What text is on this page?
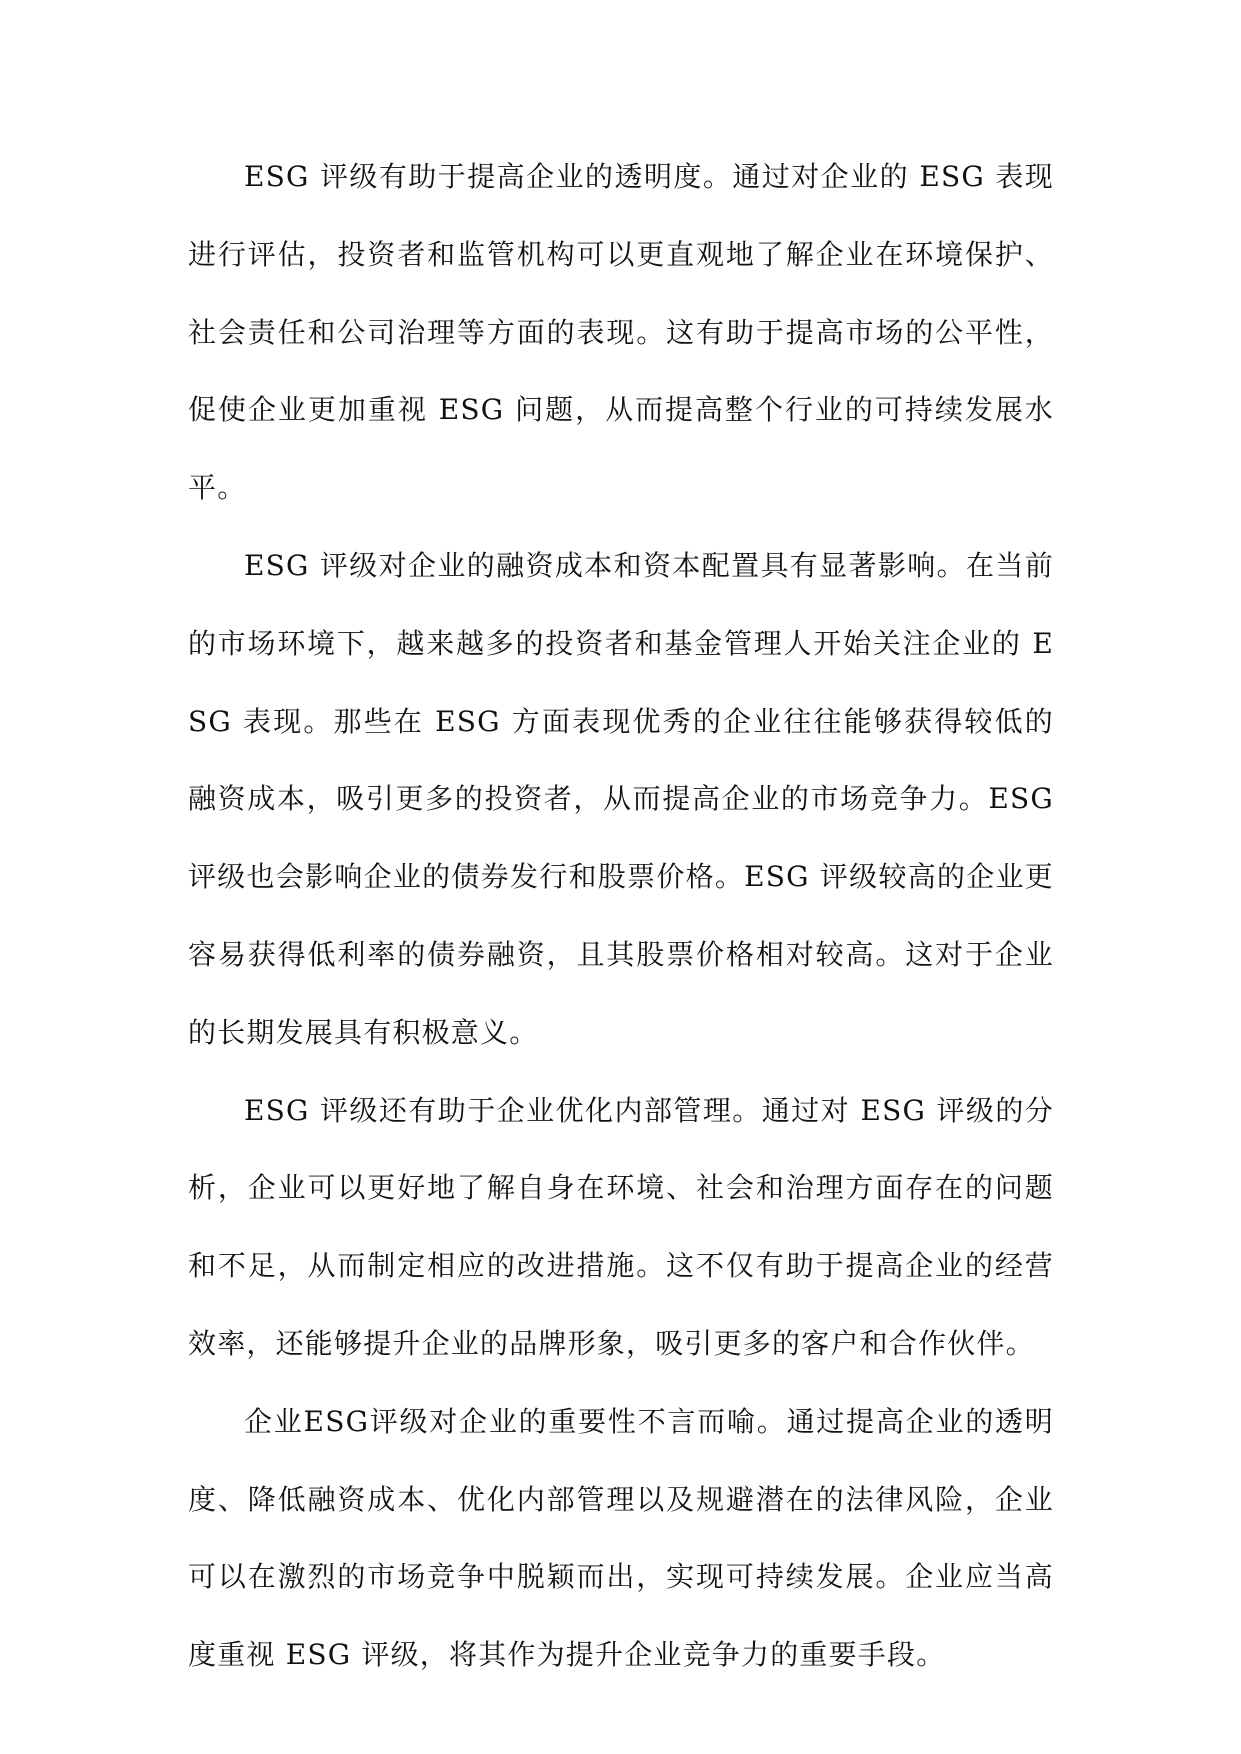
ESG 评级有助于提高企业的透明度。通过对企业的 ESG 表现进行评估，投资者和监管机构可以更直观地了解企业在环境保护、社会责任和公司治理等方面的表现。这有助于提高市场的公平性，促使企业更加重视 ESG 问题，从而提高整个行业的可持续发展水平。

ESG 评级对企业的融资成本和资本配置具有显著影响。在当前的市场环境下，越来越多的投资者和基金管理人开始关注企业的 ESG 表现。那些在 ESG 方面表现优秀的企业往往能够获得较低的融资成本，吸引更多的投资者，从而提高企业的市场竞争力。ESG 评级也会影响企业的债券发行和股票价格。ESG 评级较高的企业更容易获得低利率的债券融资，且其股票价格相对较高。这对于企业的长期发展具有积极意义。

ESG 评级还有助于企业优化内部管理。通过对 ESG 评级的分析，企业可以更好地了解自身在环境、社会和治理方面存在的问题和不足，从而制定相应的改进措施。这不仅有助于提高企业的经营效率，还能够提升企业的品牌形象，吸引更多的客户和合作伙伴。

企业ESG评级对企业的重要性不言而喻。通过提高企业的透明度、降低融资成本、优化内部管理以及规避潜在的法律风险，企业可以在激烈的市场竞争中脱颖而出，实现可持续发展。企业应当高度重视 ESG 评级，将其作为提升企业竞争力的重要手段。
